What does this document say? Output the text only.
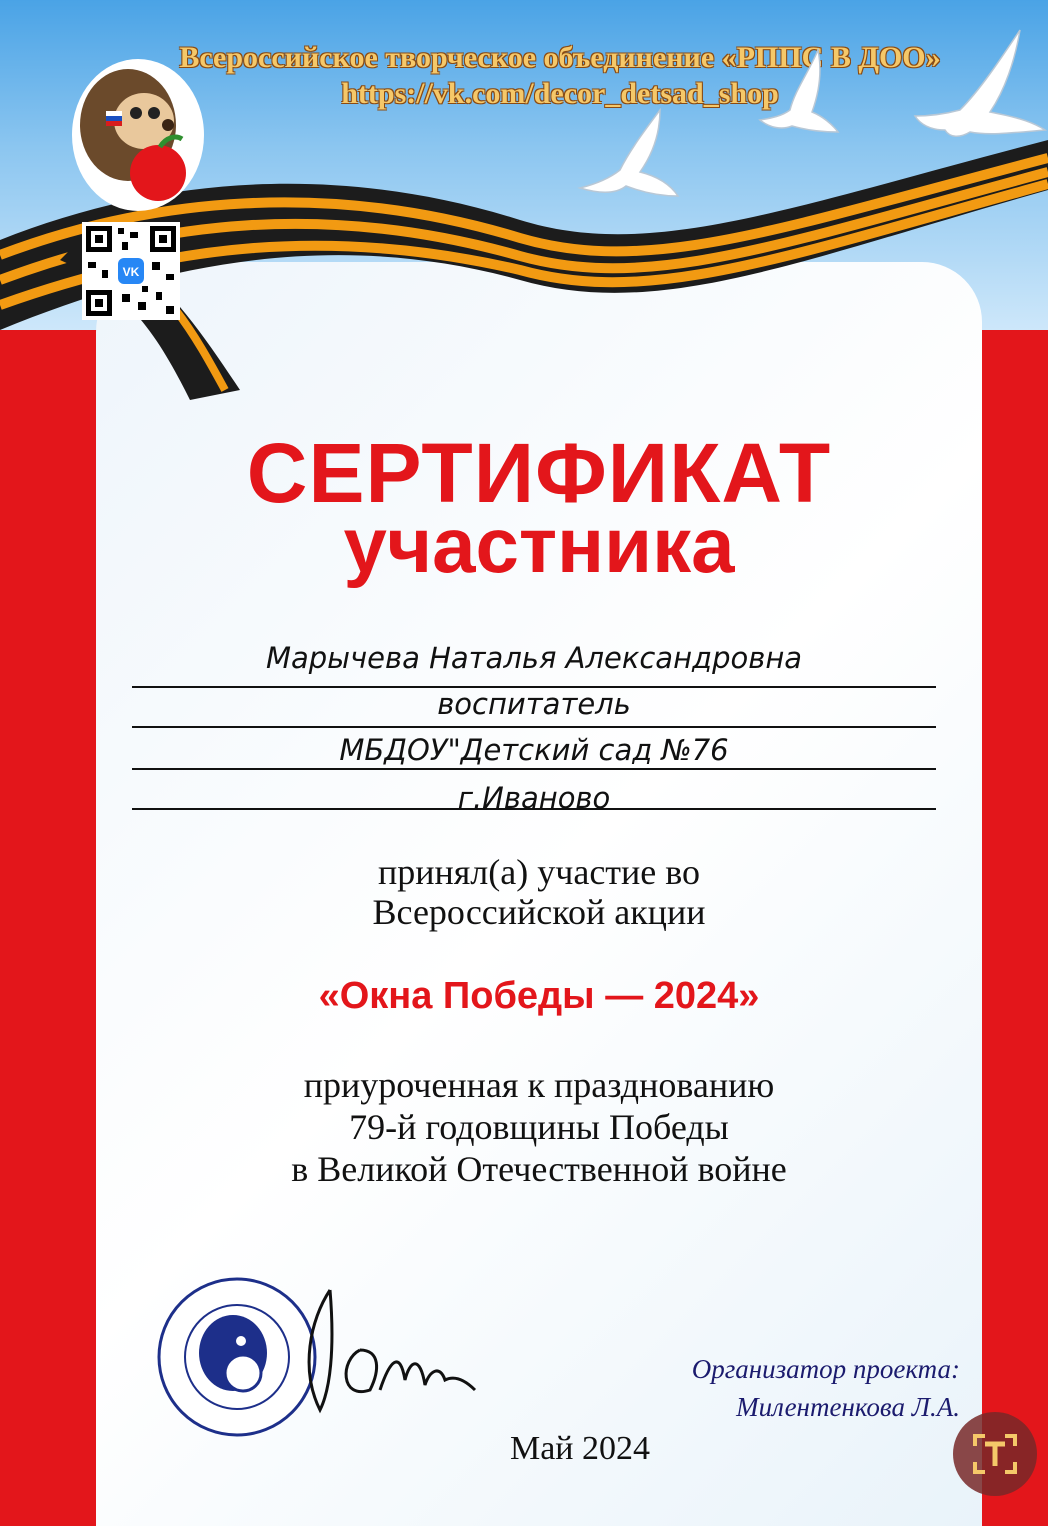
Всероссийское творческое объединение «РППС В ДОО»
https://vk.com/decor_detsad_shop
VK
СЕРТИФИКАТ
участника
Марычева Наталья Александровна
воспитатель
МБДОУ"Детский сад №76
г.Иваново
принял(а) участие во
Всероссийской акции
«Окна Победы — 2024»
приуроченная к празднованию
79-й годовщины Победы
в Великой Отечественной войне
Организатор проекта:
Милентенкова Л.А.
Май 2024
